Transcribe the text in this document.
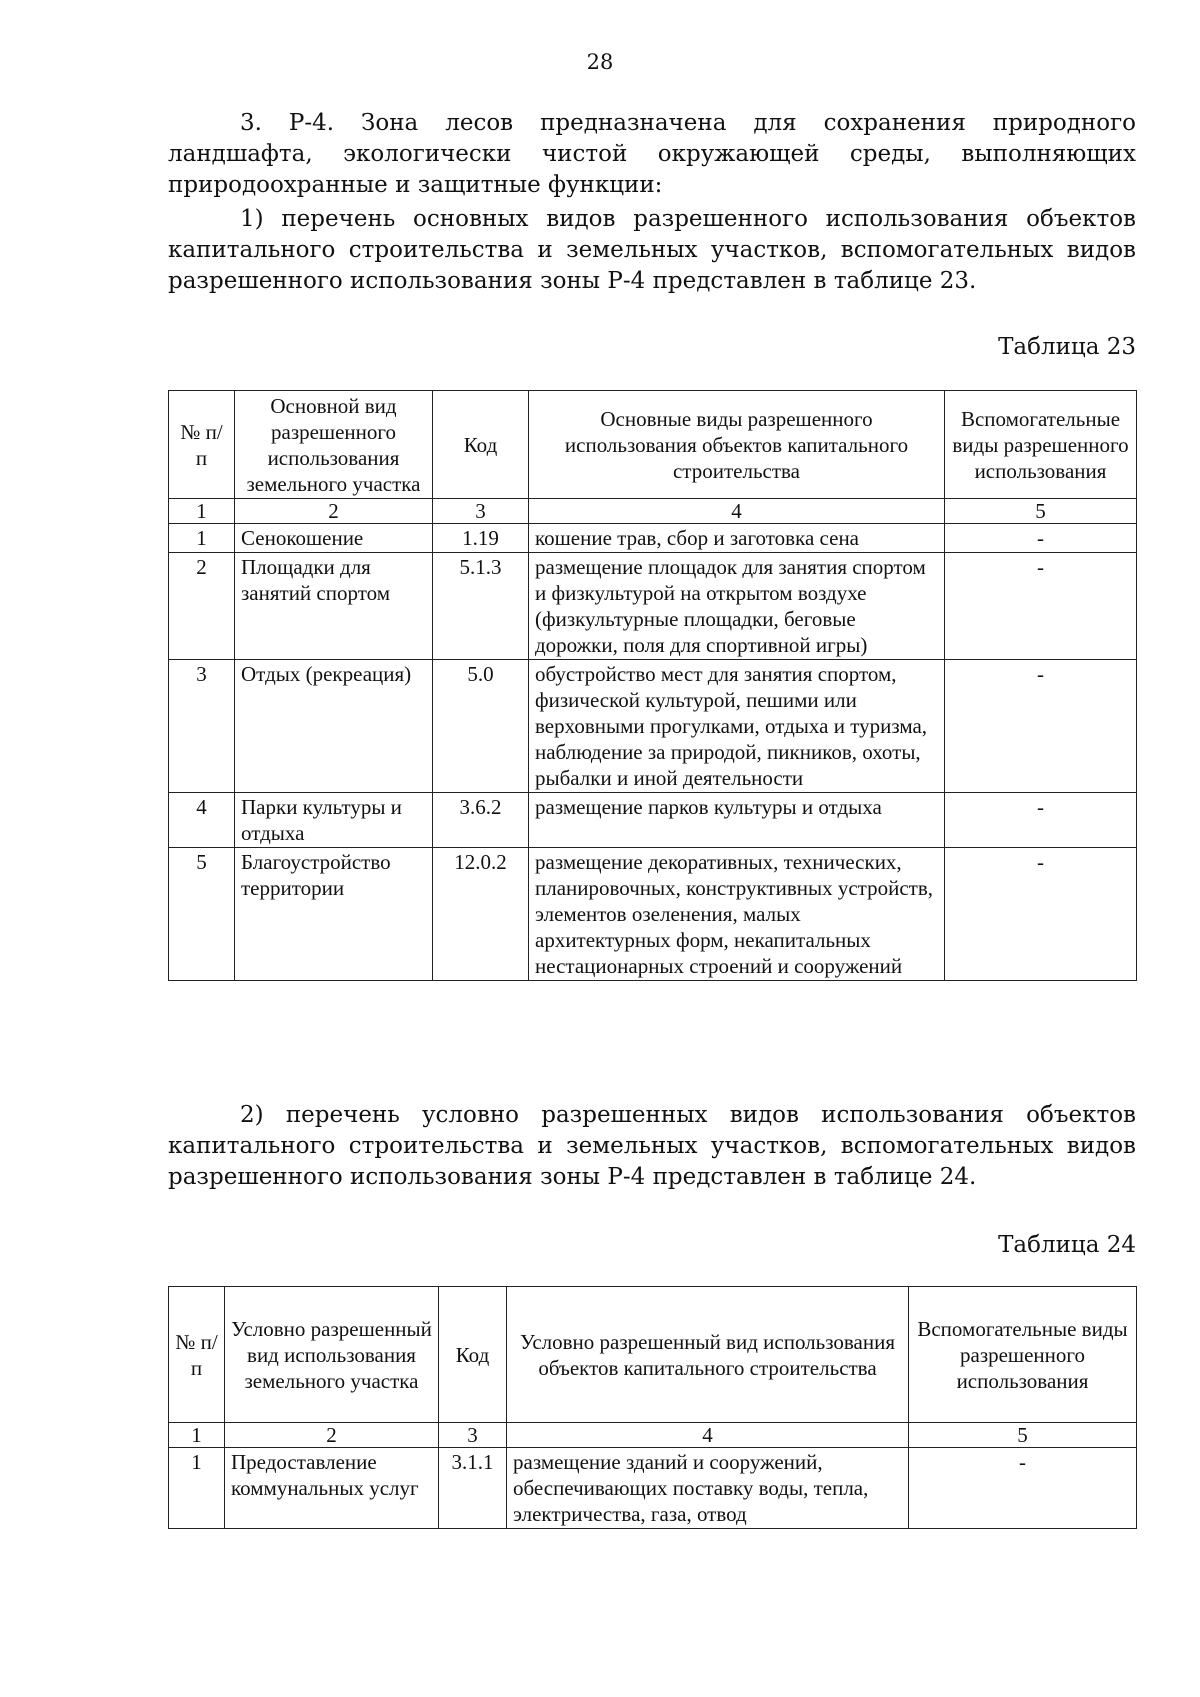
28

3. Р-4. Зона лесов предназначена для сохранения природного ландшафта, экологически чистой окружающей среды, выполняющих природоохранные и защитные функции:

1) перечень основных видов разрешенного использования объектов капитального строительства и земельных участков, вспомогательных видов разрешенного использования зоны Р-4 представлен в таблице 23.

Таблица 23
№ п/п	Основной вид разрешенного использования земельного участка	Код	Основные виды разрешенного использования объектов капитального строительства	Вспомогательные виды разрешенного использования
1	2	3	4	5
1	Сенокошение	1.19	кошение трав, сбор и заготовка сена	-
2	Площадки для занятий спортом	5.1.3	размещение площадок для занятия спортом и физкультурой на открытом воздухе (физкультурные площадки, беговые дорожки, поля для спортивной игры)	-
3	Отдых (рекреация)	5.0	обустройство мест для занятия спортом, физической культурой, пешими или верховными прогулками, отдыха и туризма, наблюдение за природой, пикников, охоты, рыбалки и иной деятельности	-
4	Парки культуры и отдыха	3.6.2	размещение парков культуры и отдыха	-
5	Благоустройство территории	12.0.2	размещение декоративных, технических, планировочных, конструктивных устройств, элементов озеленения, малых архитектурных форм, некапитальных нестационарных строений и сооружений	-

2) перечень условно разрешенных видов использования объектов капитального строительства и земельных участков, вспомогательных видов разрешенного использования зоны Р-4 представлен в таблице 24.

Таблица 24
№ п/п	Условно разрешенный вид использования земельного участка	Код	Условно разрешенный вид использования объектов капитального строительства	Вспомогательные виды разрешенного использования
1	2	3	4	5
1	Предоставление коммунальных услуг	3.1.1	размещение зданий и сооружений, обеспечивающих поставку воды, тепла, электричества, газа, отвод	-
